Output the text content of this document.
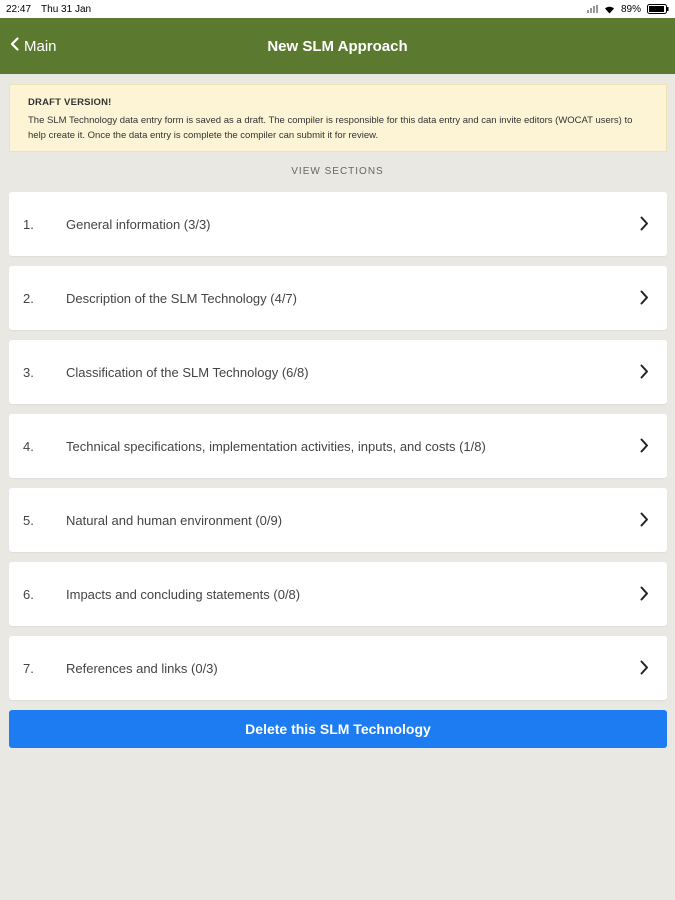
22:47 Thu 31 Jan	89%
Main	New SLM Approach
DRAFT VERSION!
The SLM Technology data entry form is saved as a draft. The compiler is responsible for this data entry and can invite editors (WOCAT users) to help create it. Once the data entry is complete the compiler can submit it for review.
VIEW SECTIONS
1. General information (3/3)
2. Description of the SLM Technology (4/7)
3. Classification of the SLM Technology (6/8)
4. Technical specifications, implementation activities, inputs, and costs (1/8)
5. Natural and human environment (0/9)
6. Impacts and concluding statements (0/8)
7. References and links (0/3)
Delete this SLM Technology
